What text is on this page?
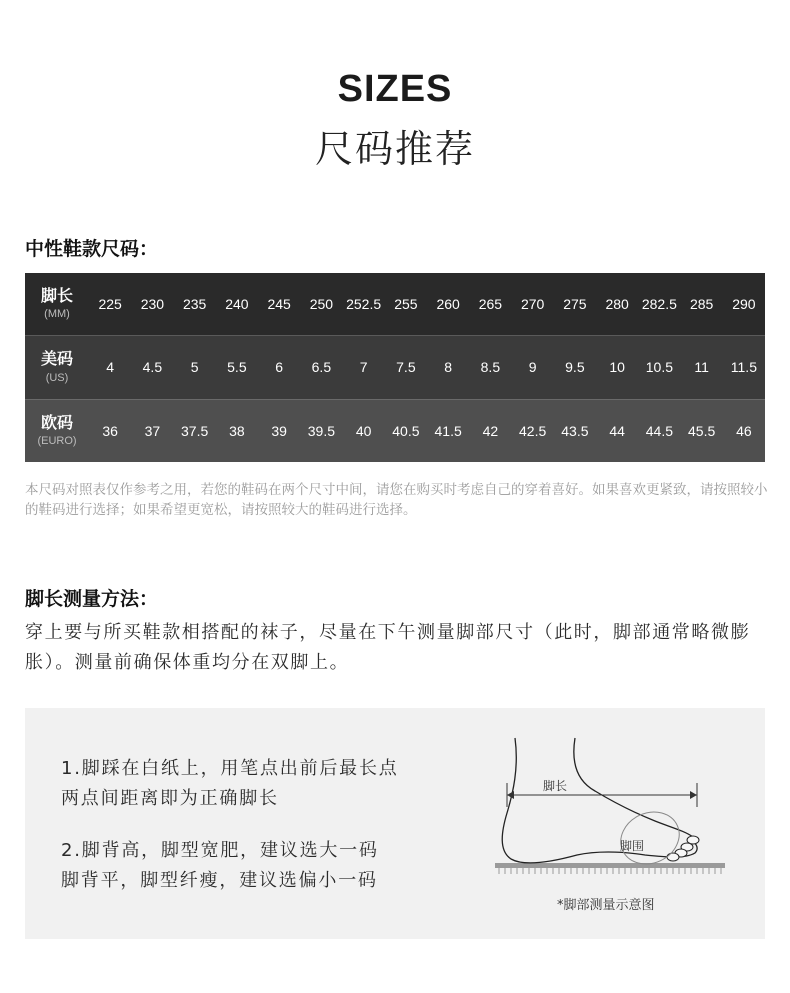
SIZES
尺码推荐
中性鞋款尺码：
脚长
(MM)	225	230	235	240	245	250	252.5	255	260	265	270	275	280	282.5	285	290

美码
(US)	4	4.5	5	5.5	6	6.5	7	7.5	8	8.5	9	9.5	10	10.5	11	11.5

欧码
(EURO)	36	37	37.5	38	39	39.5	40	40.5	41.5	42	42.5	43.5	44	44.5	45.5	46
本尺码对照表仅作参考之用，若您的鞋码在两个尺寸中间，请您在购买时考虑自己的穿着喜好。如果喜欢更紧致，请按照较小的鞋码进行选择；如果希望更宽松，请按照较大的鞋码进行选择。
脚长测量方法：
穿上要与所买鞋款相搭配的袜子，尽量在下午测量脚部尺寸（此时，脚部通常略微膨胀）。测量前确保体重均分在双脚上。
1.脚踩在白纸上，用笔点出前后最长点
两点间距离即为正确脚长
2.脚背高，脚型宽肥，建议选大一码
脚背平，脚型纤瘦，建议选偏小一码
脚长
脚围
*脚部测量示意图
